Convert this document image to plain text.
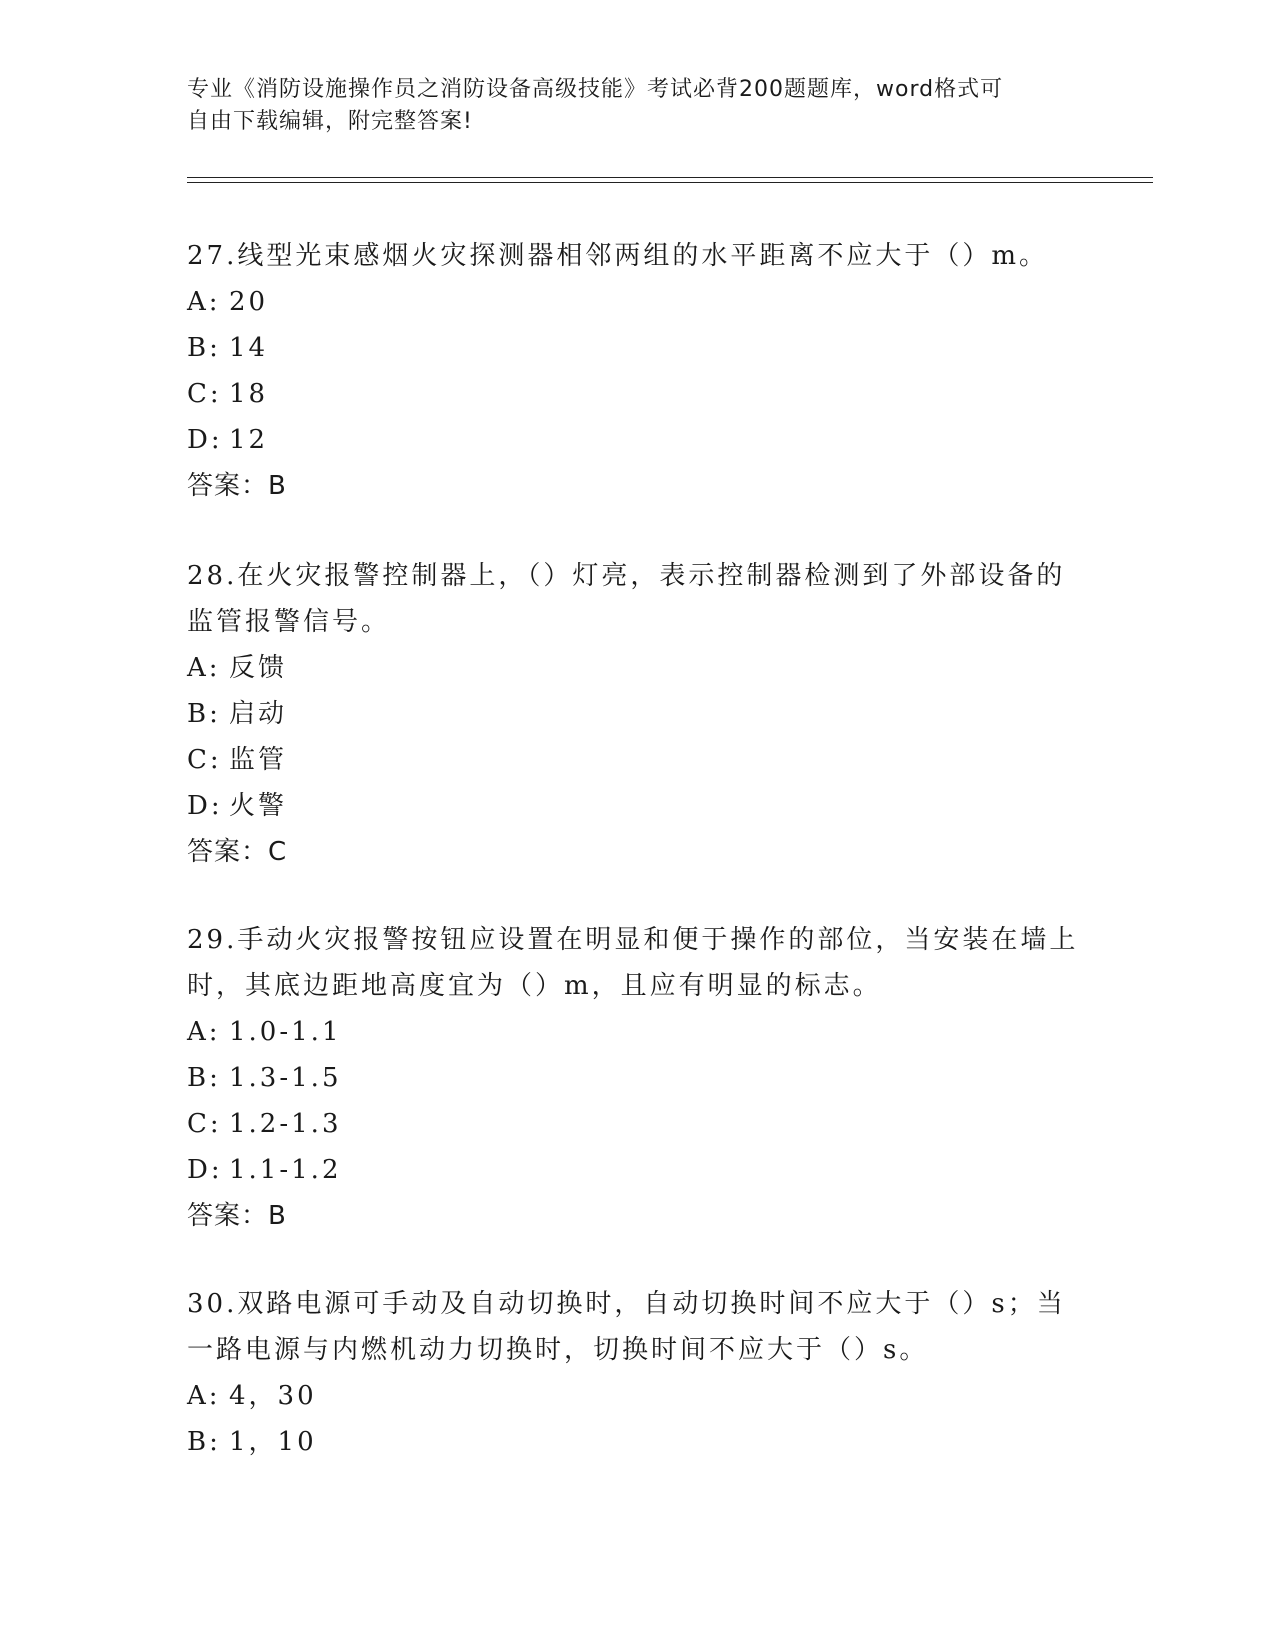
专业《消防设施操作员之消防设备高级技能》考试必背200题题库，word格式可
自由下载编辑，附完整答案!
27.线型光束感烟火灾探测器相邻两组的水平距离不应大于（）m。
A: 20
B: 14
C: 18
D: 12
答案：B
28.在火灾报警控制器上，（）灯亮，表示控制器检测到了外部设备的
监管报警信号。
A: 反馈
B: 启动
C: 监管
D: 火警
答案：C
29.手动火灾报警按钮应设置在明显和便于操作的部位，当安装在墙上
时，其底边距地高度宜为（）m，且应有明显的标志。
A: 1.0-1.1
B: 1.3-1.5
C: 1.2-1.3
D: 1.1-1.2
答案：B
30.双路电源可手动及自动切换时，自动切换时间不应大于（）s；当
一路电源与内燃机动力切换时，切换时间不应大于（）s。
A: 4，30
B: 1，10
